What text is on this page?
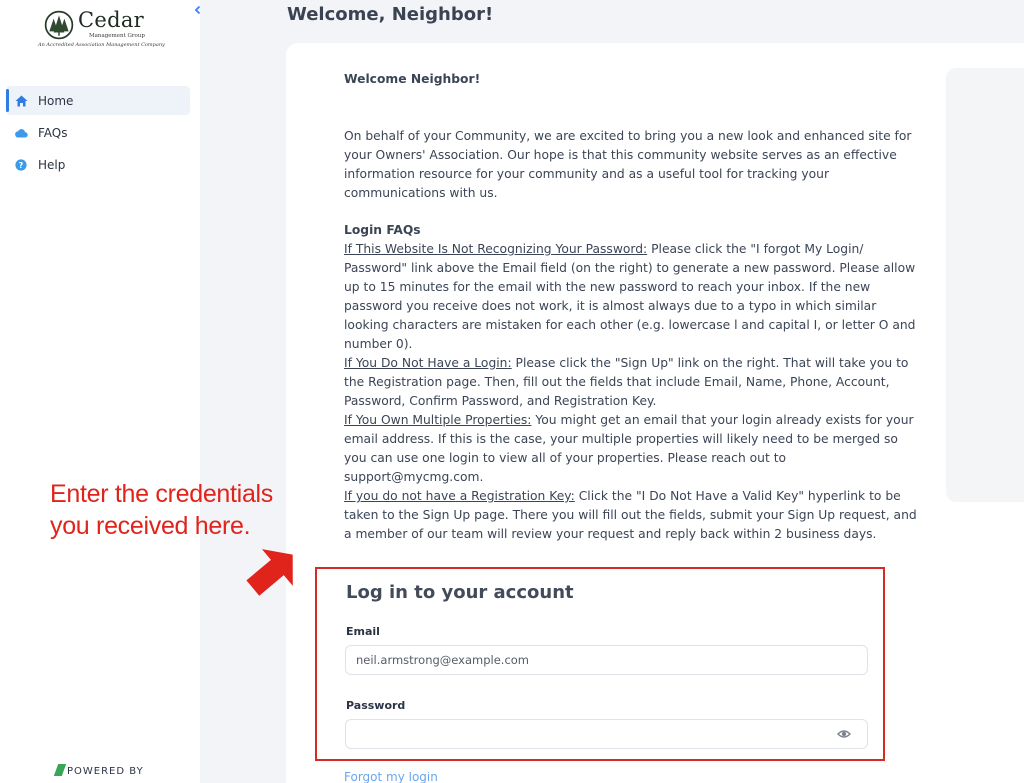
Cedar
Management Group
An Accredited Association Management Company
Home
FAQs
? Help
POWERED BY
Welcome, Neighbor!
Welcome Neighbor!

On behalf of your Community, we are excited to bring you a new look and enhanced site for your Owners' Association. Our hope is that this community website serves as an effective information resource for your community and as a useful tool for tracking your communications with us.

Login FAQs
If This Website Is Not Recognizing Your Password: Please click the "I forgot My Login/ Password" link above the Email field (on the right) to generate a new password. Please allow up to 15 minutes for the email with the new password to reach your inbox. If the new password you receive does not work, it is almost always due to a typo in which similar looking characters are mistaken for each other (e.g. lowercase l and capital I, or letter O and number 0).
If You Do Not Have a Login: Please click the "Sign Up" link on the right. That will take you to the Registration page. Then, fill out the fields that include Email, Name, Phone, Account, Password, Confirm Password, and Registration Key.
If You Own Multiple Properties: You might get an email that your login already exists for your email address. If this is the case, your multiple properties will likely need to be merged so you can use one login to view all of your properties. Please reach out to support@mycmg.com.
If you do not have a Registration Key: Click the "I Do Not Have a Valid Key" hyperlink to be taken to the Sign Up page. There you will fill out the fields, submit your Sign Up request, and a member of our team will review your request and reply back within 2 business days.
Enter the credentials
you received here.
Log in to your account
Email
neil.armstrong@example.com
Password
Forgot my login
